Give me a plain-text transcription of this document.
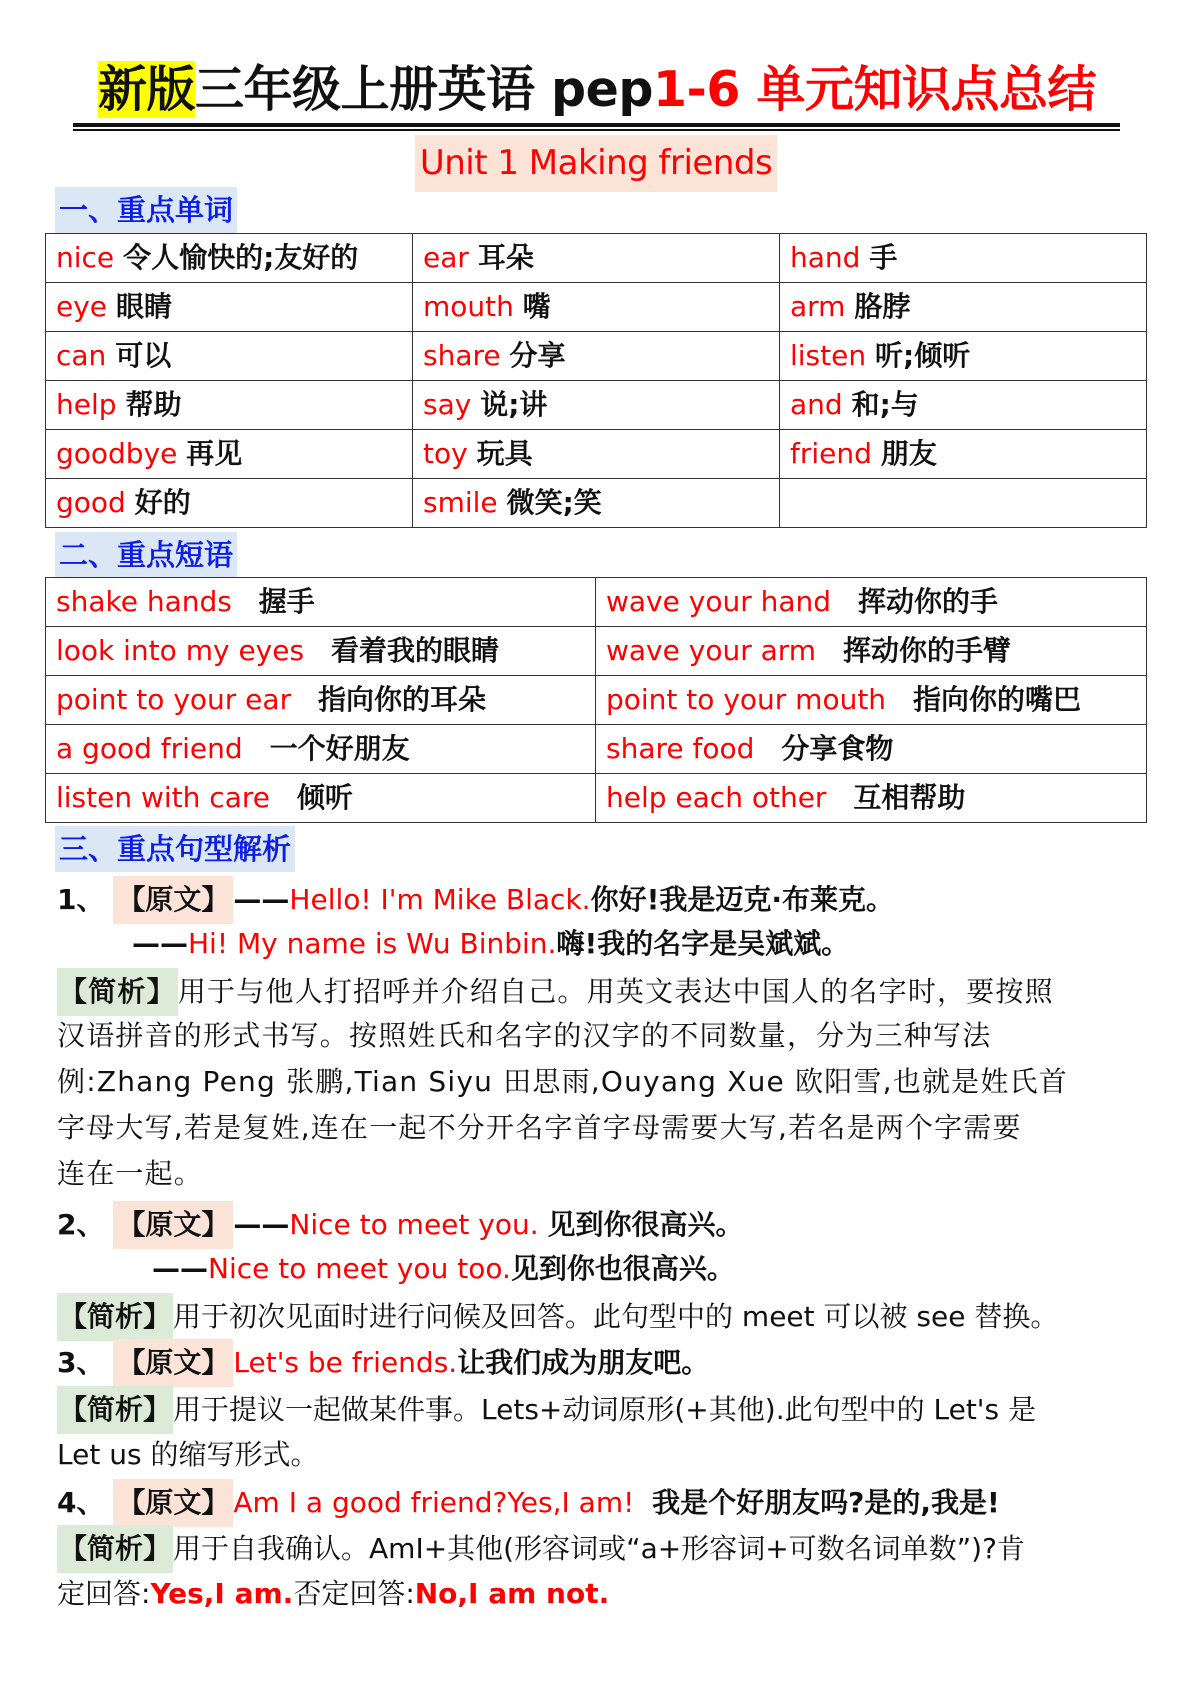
新版三年级上册英语 pep1-6 单元知识点总结
Unit 1 Making friends
一、重点单词
nice 令人愉快的;友好的	ear 耳朵	hand 手
eye 眼睛	mouth 嘴	arm 胳脖
can 可以	share 分享	listen 听;倾听
help 帮助	say 说;讲	and 和;与
goodbye 再见	toy 玩具	friend 朋友
good 好的	smile 微笑;笑	
二、重点短语
shake hands 握手	wave your hand 挥动你的手
look into my eyes 看着我的眼睛	wave your arm 挥动你的手臂
point to your ear 指向你的耳朵	point to your mouth 指向你的嘴巴
a good friend 一个好朋友	share food 分享食物
listen with care 倾听	help each other 互相帮助
三、重点句型解析
1、 【原文】 ——Hello! I'm Mike Black.你好!我是迈克·布莱克。
——Hi! My name is Wu Binbin.嗨!我的名字是吴斌斌。
【简析】用于与他人打招呼并介绍自己。用英文表达中国人的名字时，要按照
汉语拼音的形式书写。按照姓氏和名字的汉字的不同数量，分为三种写法
例:Zhang Peng 张鹏,Tian Siyu 田思雨,Ouyang Xue 欧阳雪,也就是姓氏首
字母大写,若是复姓,连在一起不分开名字首字母需要大写,若名是两个字需要
连在一起。
2、 【原文】 ——Nice to meet you. 见到你很高兴。
——Nice to meet you too.见到你也很高兴。
【简析】用于初次见面时进行问候及回答。此句型中的 meet 可以被 see 替换。
3、 【原文】 Let's be friends.让我们成为朋友吧。
【简析】用于提议一起做某件事。Lets+动词原形(+其他).此句型中的 Let's 是
Let us 的缩写形式。
4、 【原文】 Am I a good friend?Yes,I am! 我是个好朋友吗?是的,我是!
【简析】用于自我确认。AmI+其他(形容词或“a+形容词+可数名词单数”)?肯
定回答:Yes,I am.否定回答:No,I am not.
